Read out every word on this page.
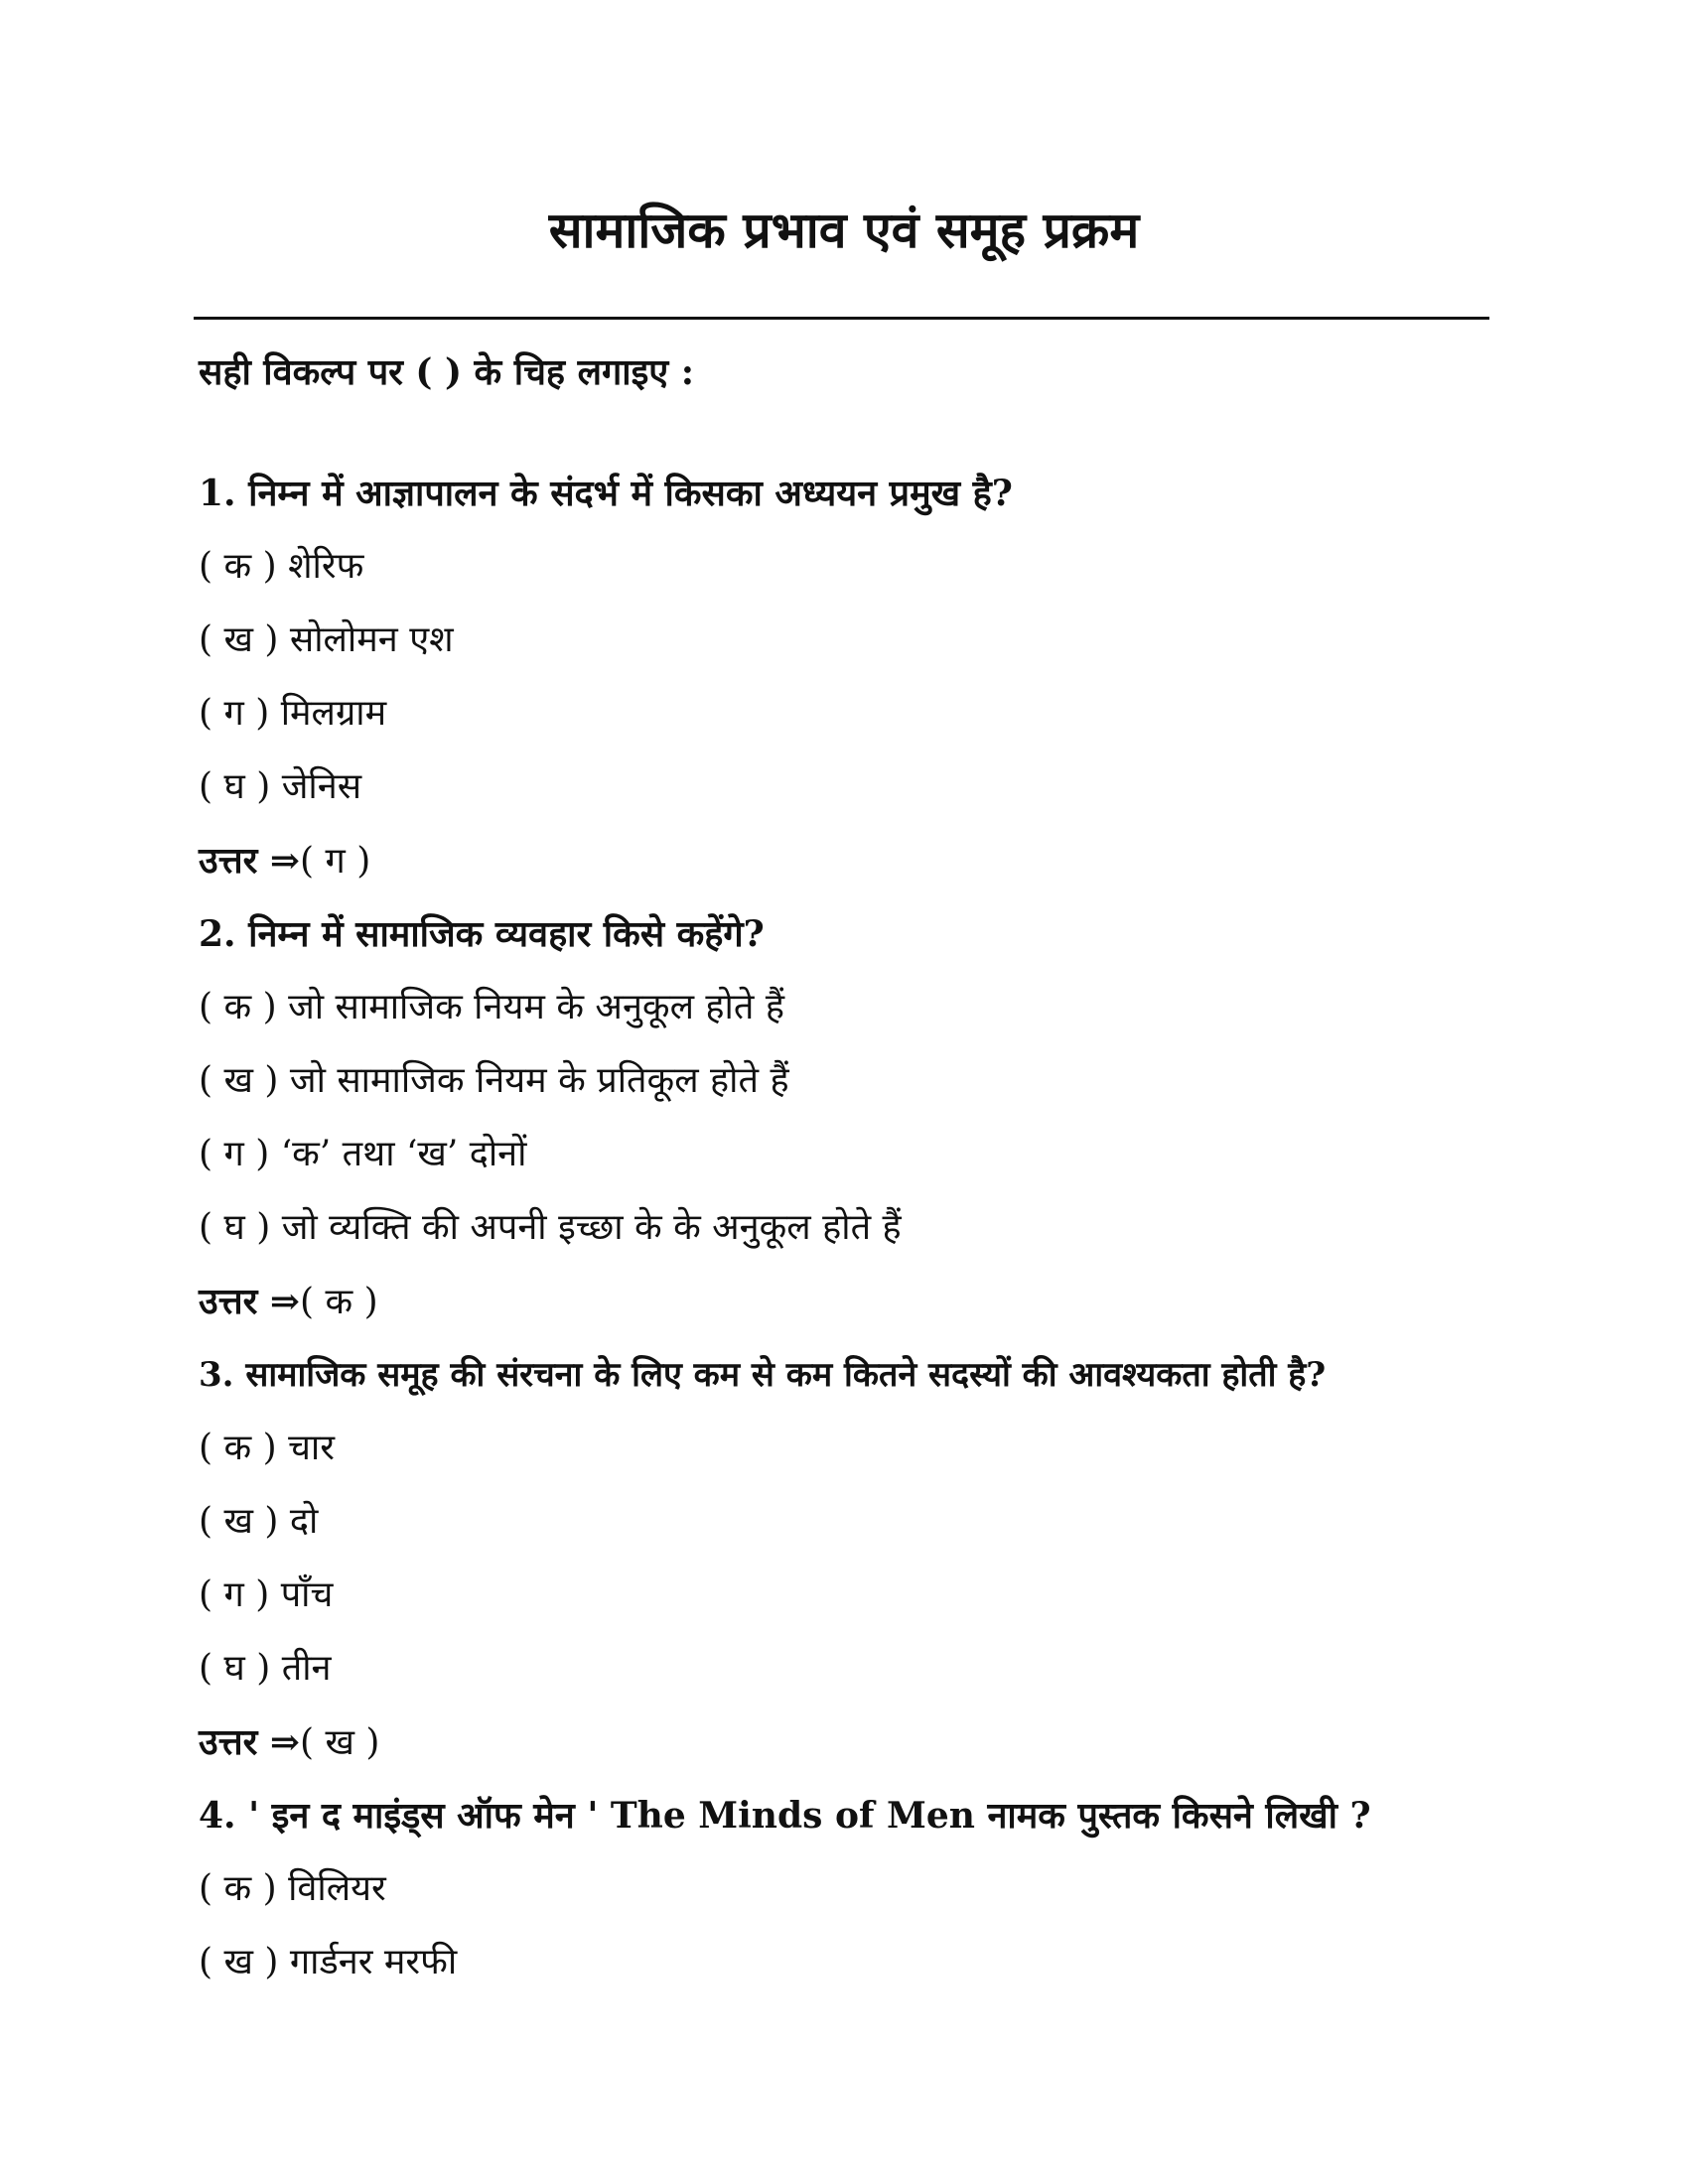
सामाजिक प्रभाव एवं समूह प्रक्रम

सही विकल्प पर ( ) के चिह लगाइए :

1. निम्न में आज्ञापालन के संदर्भ में किसका अध्ययन प्रमुख है?
( क ) शेरिफ
( ख ) सोलोमन एश
( ग ) मिलग्राम
( घ ) जेनिस
उत्तर ⇒( ग )
2. निम्न में सामाजिक व्यवहार किसे कहेंगे?
( क ) जो सामाजिक नियम के अनुकूल होते हैं
( ख ) जो सामाजिक नियम के प्रतिकूल होते हैं
( ग ) ‘क’ तथा ‘ख’ दोनों
( घ ) जो व्यक्ति की अपनी इच्छा के के अनुकूल होते हैं
उत्तर ⇒( क )
3. सामाजिक समूह की संरचना के लिए कम से कम कितने सदस्यों की आवश्यकता होती है?
( क ) चार
( ख ) दो
( ग ) पाँच
( घ ) तीन
उत्तर ⇒( ख )
4. ' इन द माइंड्स ऑफ मेन ' The Minds of Men नामक पुस्तक किसने लिखी ?
( क ) विलियर
( ख ) गार्डनर मरफी
